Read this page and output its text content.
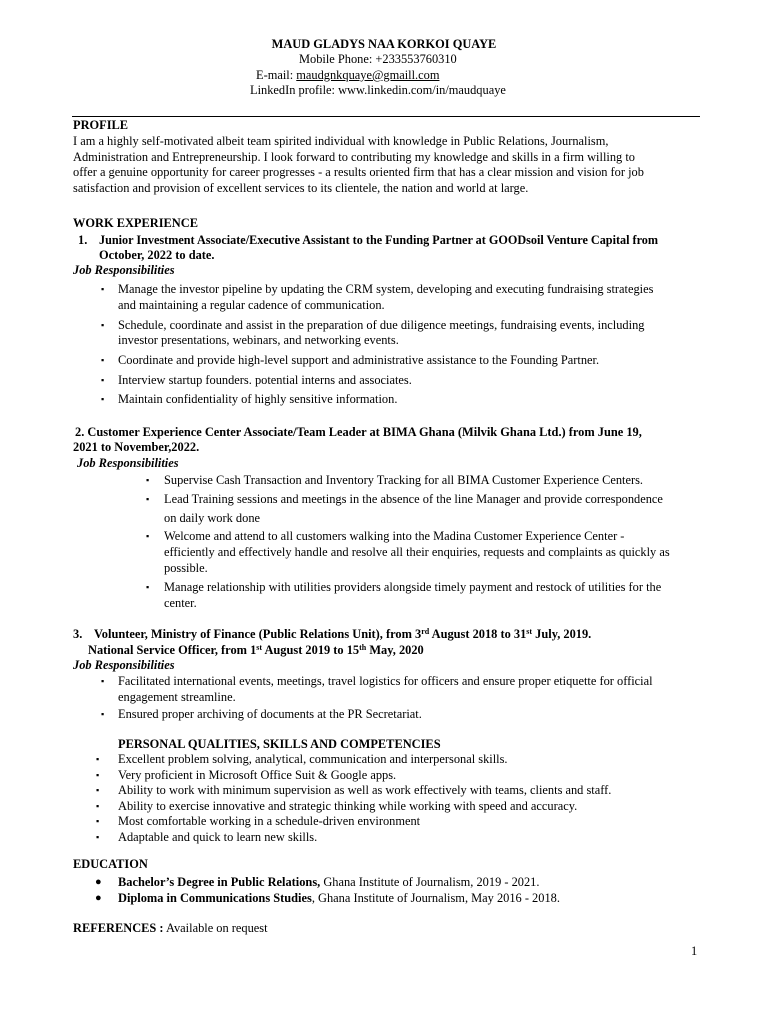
MAUD GLADYS NAA KORKOI QUAYE
Mobile Phone: +233553760310
E-mail: maudgnkquaye@gmaill.com
LinkedIn profile: www.linkedin.com/in/maudquaye
PROFILE
I am a highly self-motivated albeit team spirited individual with knowledge in Public Relations, Journalism,
Administration and Entrepreneurship. I look forward to contributing my knowledge and skills in a firm willing to
offer a genuine opportunity for career progresses - a results oriented firm that has a clear mission and vision for job
satisfaction and provision of excellent services to its clientele, the nation and world at large.
WORK EXPERIENCE
1. Junior Investment Associate/Executive Assistant to the Funding Partner at GOODsoil Venture Capital from
October, 2022 to date.
Job Responsibilities
▪ Manage the investor pipeline by updating the CRM system, developing and executing fundraising strategies
and maintaining a regular cadence of communication.
▪ Schedule, coordinate and assist in the preparation of due diligence meetings, fundraising events, including
investor presentations, webinars, and networking events.
▪ Coordinate and provide high-level support and administrative assistance to the Founding Partner.
▪ Interview startup founders. potential interns and associates.
▪ Maintain confidentiality of highly sensitive information.
2. Customer Experience Center Associate/Team Leader at BIMA Ghana (Milvik Ghana Ltd.) from June 19,
2021 to November,2022.
Job Responsibilities
▪ Supervise Cash Transaction and Inventory Tracking for all BIMA Customer Experience Centers.
▪ Lead Training sessions and meetings in the absence of the line Manager and provide correspondence
on daily work done
▪ Welcome and attend to all customers walking into the Madina Customer Experience Center -
efficiently and effectively handle and resolve all their enquiries, requests and complaints as quickly as
possible.
▪ Manage relationship with utilities providers alongside timely payment and restock of utilities for the
center.
3. Volunteer, Ministry of Finance (Public Relations Unit), from 3rd August 2018 to 31st July, 2019.
National Service Officer, from 1st August 2019 to 15th May, 2020
Job Responsibilities
▪ Facilitated international events, meetings, travel logistics for officers and ensure proper etiquette for official
engagement streamline.
▪ Ensured proper archiving of documents at the PR Secretariat.
PERSONAL QUALITIES, SKILLS AND COMPETENCIES
▪ Excellent problem solving, analytical, communication and interpersonal skills.
▪ Very proficient in Microsoft Office Suit & Google apps.
▪ Ability to work with minimum supervision as well as work effectively with teams, clients and staff.
▪ Ability to exercise innovative and strategic thinking while working with speed and accuracy.
▪ Most comfortable working in a schedule-driven environment
▪ Adaptable and quick to learn new skills.
EDUCATION
● Bachelor’s Degree in Public Relations, Ghana Institute of Journalism, 2019 - 2021.
● Diploma in Communications Studies, Ghana Institute of Journalism, May 2016 - 2018.
REFERENCES : Available on request
1
